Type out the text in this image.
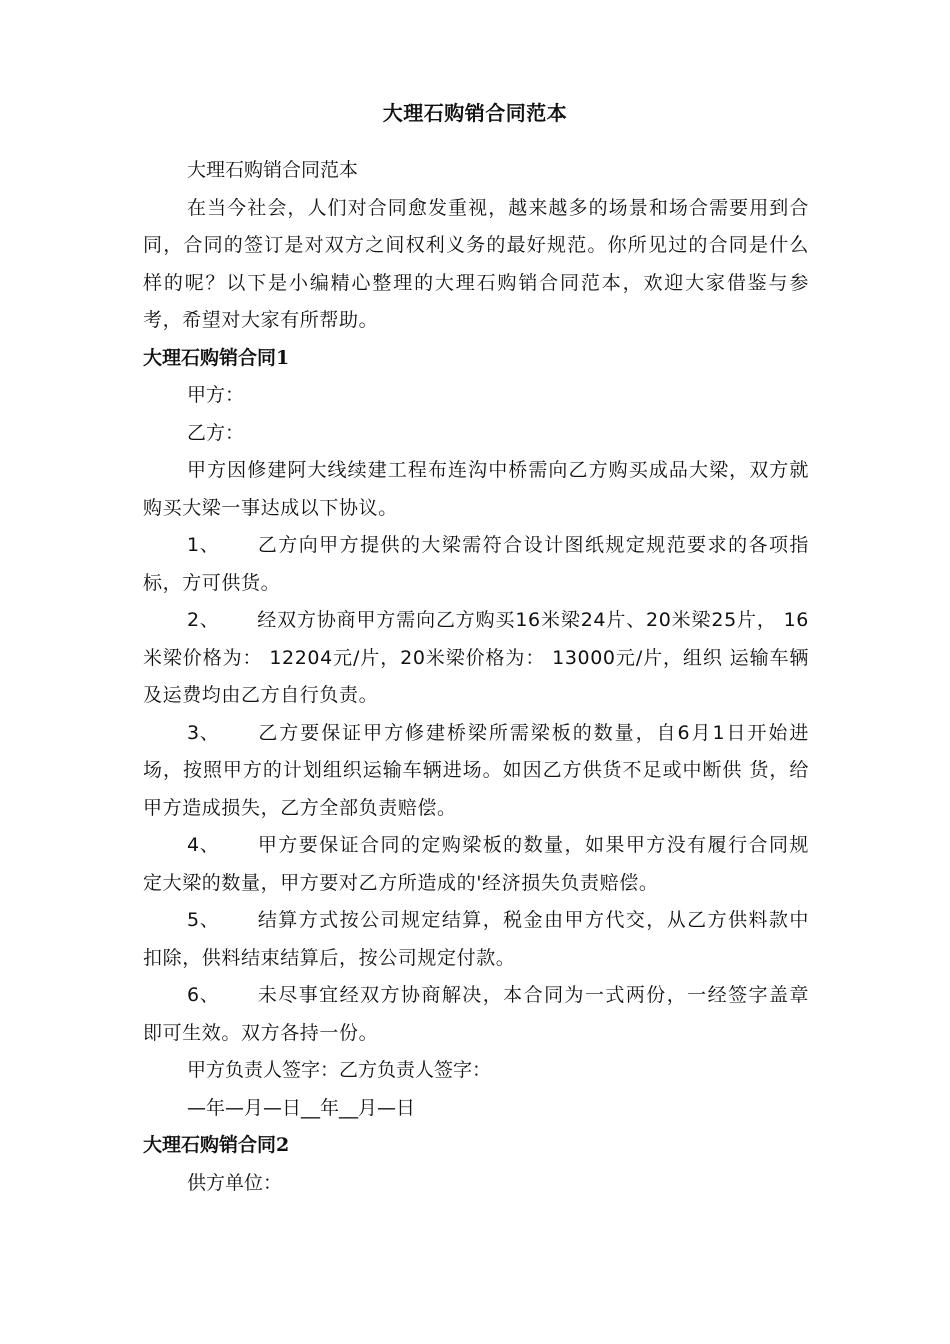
大理石购销合同范本

大理石购销合同范本

在当今社会，人们对合同愈发重视，越来越多的场景和场合需要用到合同，合同的签订是对双方之间权利义务的最好规范。你所见过的合同是什么样的呢？以下是小编精心整理的大理石购销合同范本，欢迎大家借鉴与参考，希望对大家有所帮助。

大理石购销合同1

甲方：

乙方：

甲方因修建阿大线续建工程布连沟中桥需向乙方购买成品大梁，双方就购买大梁一事达成以下协议。

1、 乙方向甲方提供的大梁需符合设计图纸规定规范要求的各项指 标，方可供货。

2、 经双方协商甲方需向乙方购买16米梁24片、20米梁25片， 16米梁价格为： 12204元/片，20米梁价格为： 13000元/片，组织 运输车辆及运费均由乙方自行负责。

3、 乙方要保证甲方修建桥梁所需梁板的数量，自6月1日开始进 场，按照甲方的计划组织运输车辆进场。如因乙方供货不足或中断供 货，给甲方造成损失，乙方全部负责赔偿。

4、 甲方要保证合同的定购梁板的数量，如果甲方没有履行合同规 定大梁的数量，甲方要对乙方所造成的'经济损失负责赔偿。

5、 结算方式按公司规定结算，税金由甲方代交，从乙方供料款中 扣除，供料结束结算后，按公司规定付款。

6、 未尽事宜经双方协商解决，本合同为一式两份，一经签字盖章 即可生效。双方各持一份。

甲方负责人签字：乙方负责人签字：

—年—月—日__年__月—日

大理石购销合同2

供方单位：
